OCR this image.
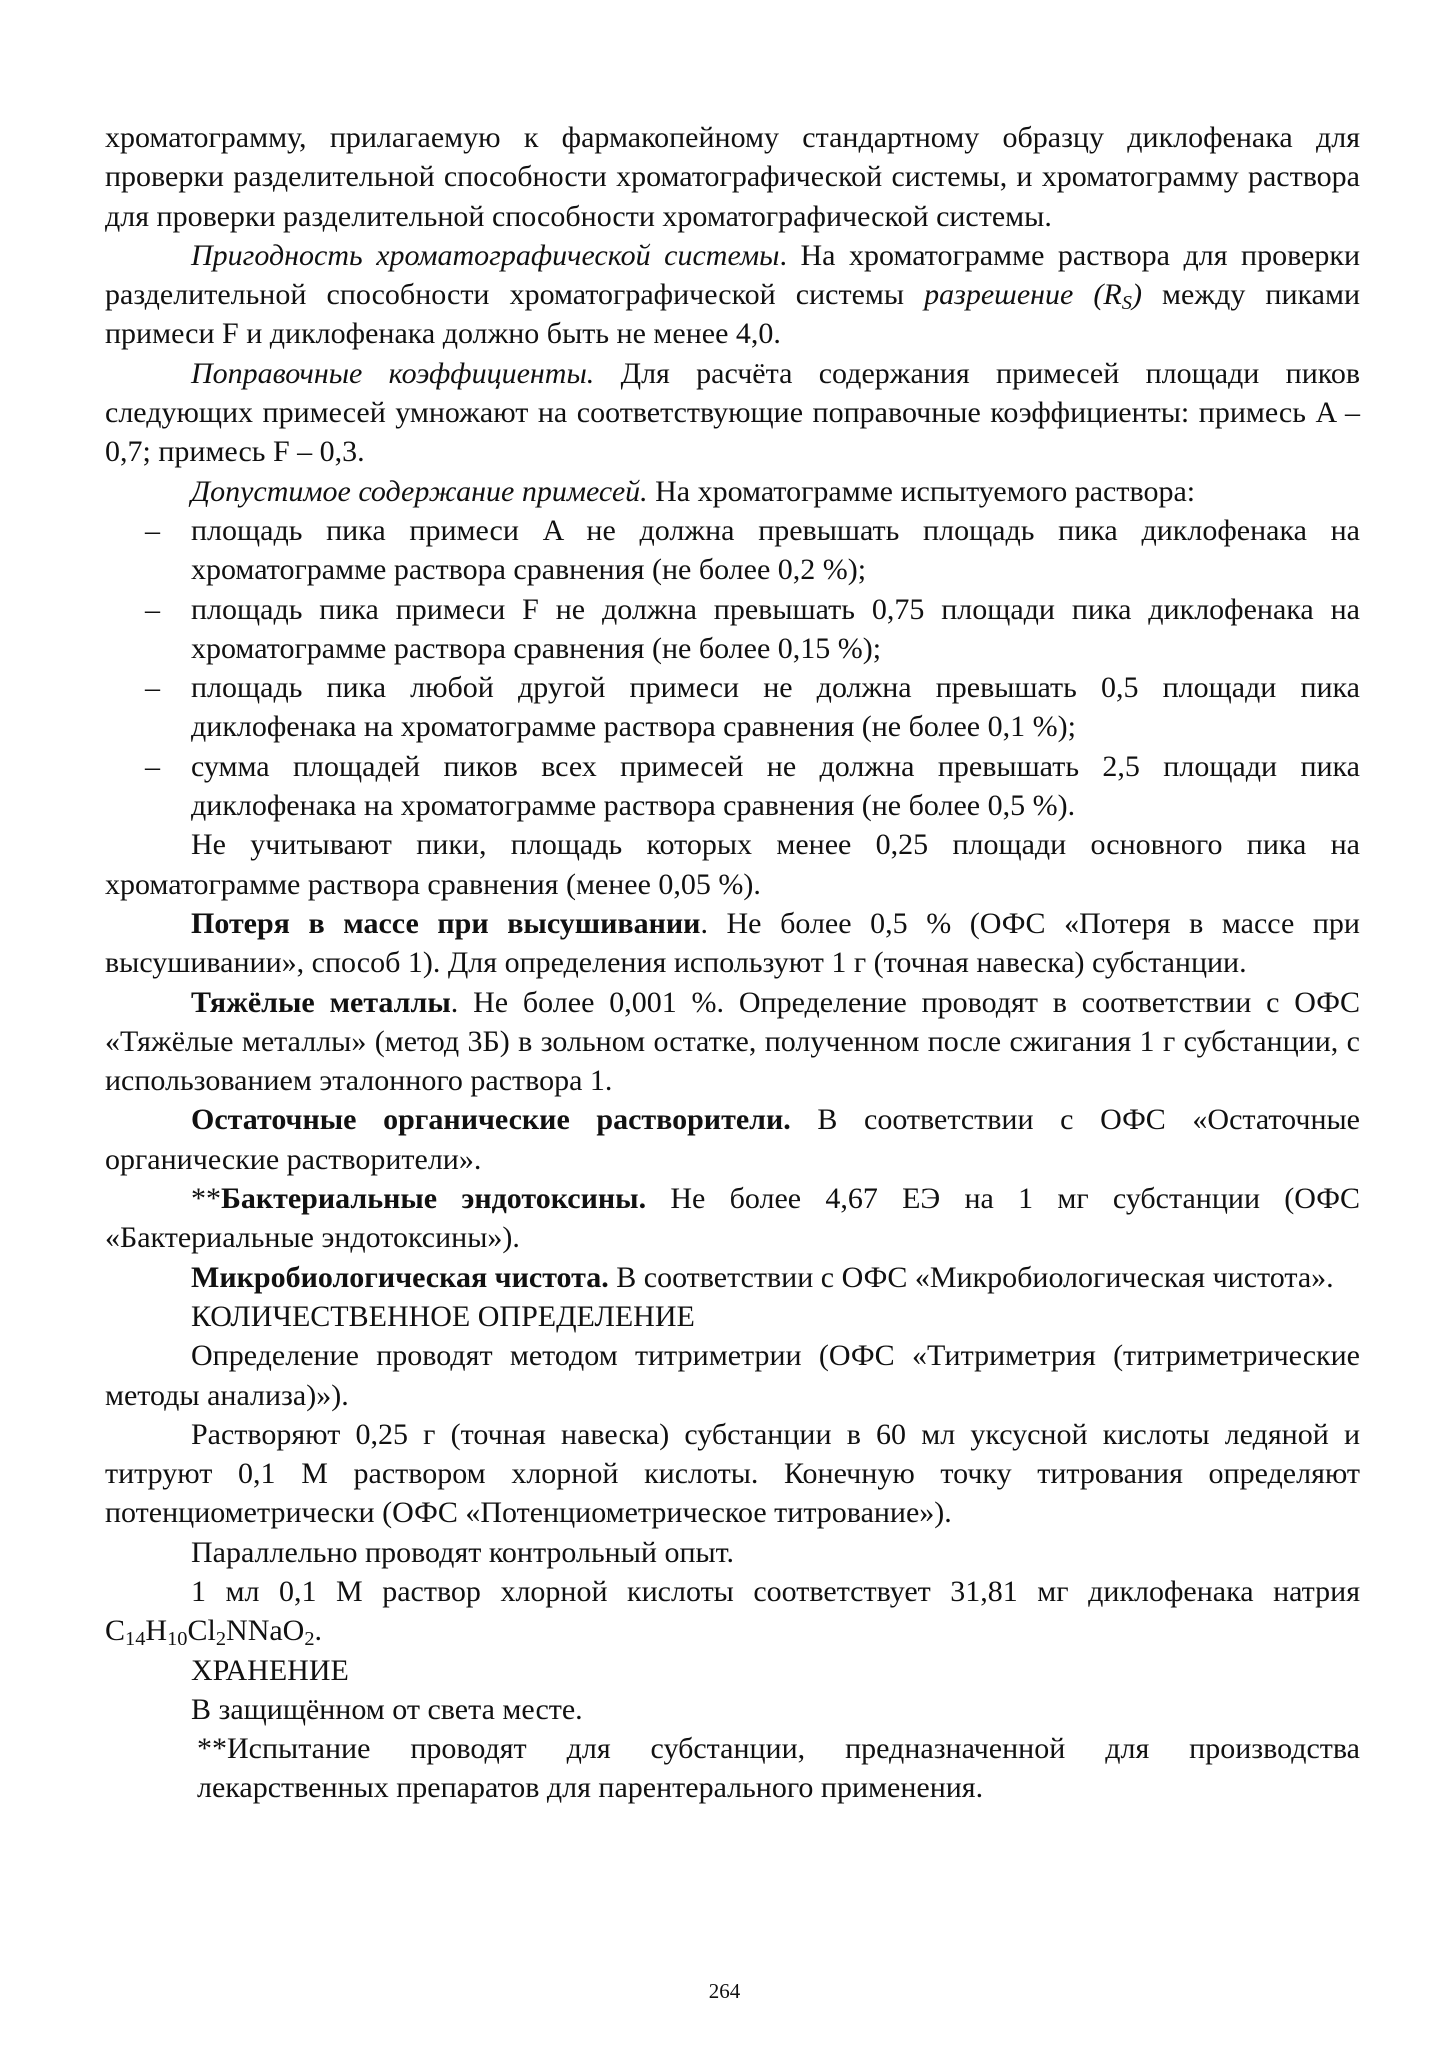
хроматограмму, прилагаемую к фармакопейному стандартному образцу диклофенака для проверки разделительной способности хроматографической системы, и хроматограмму раствора для проверки разделительной способности хроматографической системы.

Пригодность хроматографической системы. На хроматограмме раствора для проверки разделительной способности хроматографической системы разрешение $(R_S)$ между пиками примеси F и диклофенака должно быть не менее 4,0.

Поправочные коэффициенты. Для расчёта содержания примесей площади пиков следующих примесей умножают на соответствующие поправочные коэффициенты: примесь A – 0,7; примесь F – 0,3.

Допустимое содержание примесей. На хроматограмме испытуемого раствора:

– площадь пика примеси A не должна превышать площадь пика диклофенака на хроматограмме раствора сравнения (не более 0,2 %);

– площадь пика примеси F не должна превышать 0,75 площади пика диклофенака на хроматограмме раствора сравнения (не более 0,15 %);

– площадь пика любой другой примеси не должна превышать 0,5 площади пика диклофенака на хроматограмме раствора сравнения (не более 0,1 %);

– сумма площадей пиков всех примесей не должна превышать 2,5 площади пика диклофенака на хроматограмме раствора сравнения (не более 0,5 %).

Не учитывают пики, площадь которых менее 0,25 площади основного пика на хроматограмме раствора сравнения (менее 0,05 %).

Потеря в массе при высушивании. Не более 0,5 % (ОФС «Потеря в массе при высушивании», способ 1). Для определения используют 1 г (точная навеска) субстанции.

Тяжёлые металлы. Не более 0,001 %. Определение проводят в соответствии с ОФС «Тяжёлые металлы» (метод 3Б) в зольном остатке, полученном после сжигания 1 г субстанции, с использованием эталонного раствора 1.

Остаточные органические растворители. В соответствии с ОФС «Остаточные органические растворители».

**Бактериальные эндотоксины. Не более 4,67 ЕЭ на 1 мг субстанции (ОФС «Бактериальные эндотоксины»).

Микробиологическая чистота. В соответствии с ОФС «Микробиологическая чистота».

КОЛИЧЕСТВЕННОЕ ОПРЕДЕЛЕНИЕ

Определение проводят методом титриметрии (ОФС «Титриметрия (титриметрические методы анализа)»).

Растворяют 0,25 г (точная навеска) субстанции в 60 мл уксусной кислоты ледяной и титруют 0,1 М раствором хлорной кислоты. Конечную точку титрования определяют потенциометрически (ОФС «Потенциометрическое титрование»).

Параллельно проводят контрольный опыт.

1 мл 0,1 М раствор хлорной кислоты соответствует 31,81 мг диклофенака натрия $C_{14}H_{10}Cl_2NNaO_2$.

ХРАНЕНИЕ

В защищённом от света месте.

**Испытание проводят для субстанции, предназначенной для производства лекарственных препаратов для парентерального применения.

264
